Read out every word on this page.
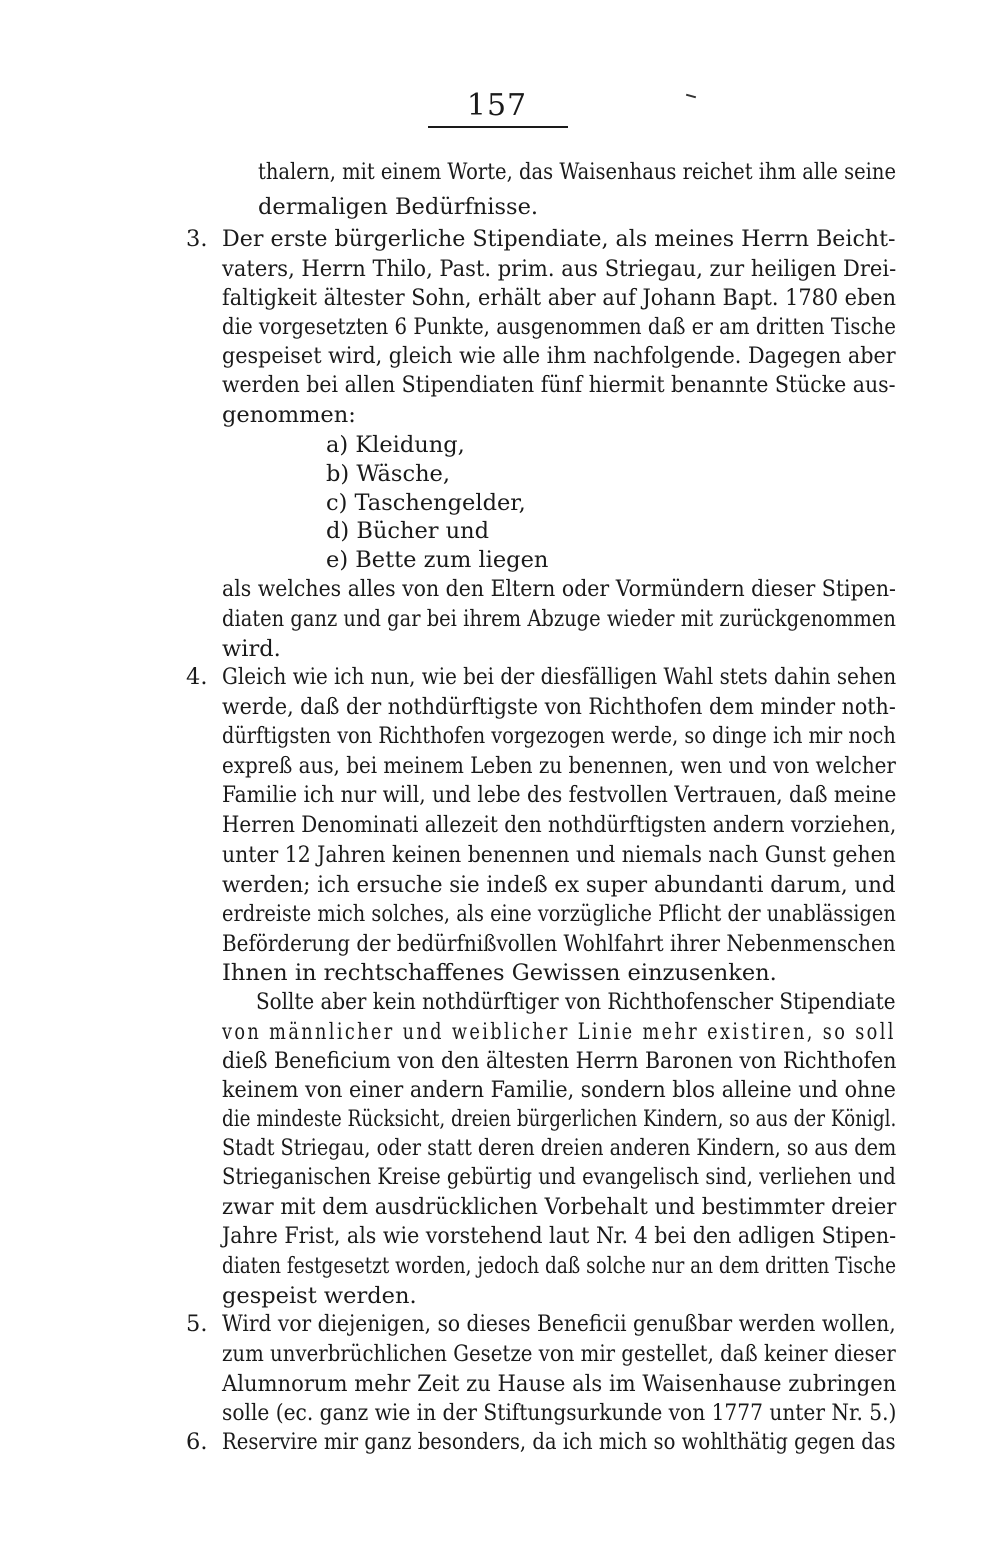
157
thalern, mit einem Worte, das Waisenhaus reichet ihm alle seine
dermaligen Bedürfnisse.
3. Der erste bürgerliche Stipendiate, als meines Herrn Beicht-
vaters, Herrn Thilo, Past. prim. aus Striegau, zur heiligen Drei-
faltigkeit ältester Sohn, erhält aber auf Johann Bapt. 1780 eben
die vorgesetzten 6 Punkte, ausgenommen daß er am dritten Tische
gespeiset wird, gleich wie alle ihm nachfolgende. Dagegen aber
werden bei allen Stipendiaten fünf hiermit benannte Stücke aus-
genommen:
a) Kleidung,
b) Wäsche,
c) Taschengelder,
d) Bücher und
e) Bette zum liegen
als welches alles von den Eltern oder Vormündern dieser Stipen-
diaten ganz und gar bei ihrem Abzuge wieder mit zurückgenommen
wird.
4. Gleich wie ich nun, wie bei der diesfälligen Wahl stets dahin sehen
werde, daß der nothdürftigste von Richthofen dem minder noth-
dürftigsten von Richthofen vorgezogen werde, so dinge ich mir noch
expreß aus, bei meinem Leben zu benennen, wen und von welcher
Familie ich nur will, und lebe des festvollen Vertrauen, daß meine
Herren Denominati allezeit den nothdürftigsten andern vorziehen,
unter 12 Jahren keinen benennen und niemals nach Gunst gehen
werden; ich ersuche sie indeß ex super abundanti darum, und
erdreiste mich solches, als eine vorzügliche Pflicht der unablässigen
Beförderung der bedürfnißvollen Wohlfahrt ihrer Nebenmenschen
Ihnen in rechtschaffenes Gewissen einzusenken.
Sollte aber kein nothdürftiger von Richthofenscher Stipendiate
von männlicher und weiblicher Linie mehr existiren, so soll
dieß Beneficium von den ältesten Herrn Baronen von Richthofen
keinem von einer andern Familie, sondern blos alleine und ohne
die mindeste Rücksicht, dreien bürgerlichen Kindern, so aus der Königl.
Stadt Striegau, oder statt deren dreien anderen Kindern, so aus dem
Strieganischen Kreise gebürtig und evangelisch sind, verliehen und
zwar mit dem ausdrücklichen Vorbehalt und bestimmter dreier
Jahre Frist, als wie vorstehend laut Nr. 4 bei den adligen Stipen-
diaten festgesetzt worden, jedoch daß solche nur an dem dritten Tische
gespeist werden.
5. Wird vor diejenigen, so dieses Beneficii genußbar werden wollen,
zum unverbrüchlichen Gesetze von mir gestellet, daß keiner dieser
Alumnorum mehr Zeit zu Hause als im Waisenhause zubringen
solle (ec. ganz wie in der Stiftungsurkunde von 1777 unter Nr. 5.)
6. Reservire mir ganz besonders, da ich mich so wohlthätig gegen das
